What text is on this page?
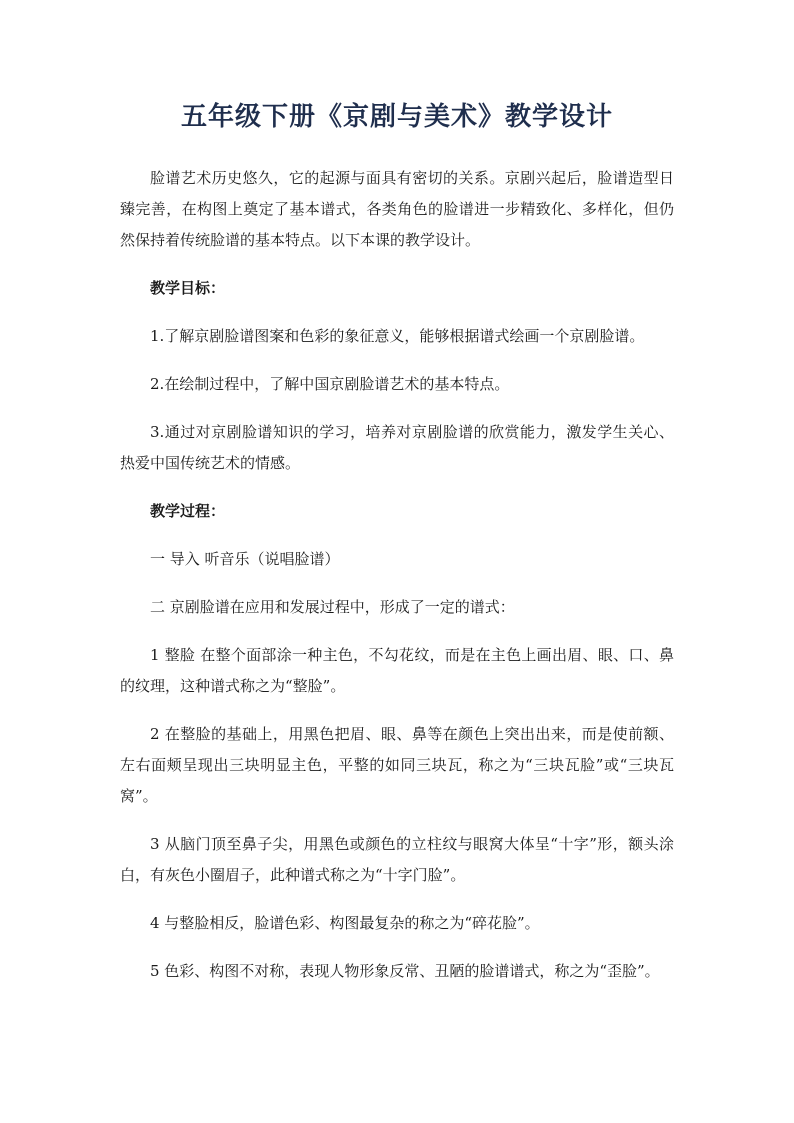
五年级下册《京剧与美术》教学设计

脸谱艺术历史悠久，它的起源与面具有密切的关系。京剧兴起后，脸谱造型日臻完善，在构图上奠定了基本谱式，各类角色的脸谱进一步精致化、多样化，但仍然保持着传统脸谱的基本特点。以下本课的教学设计。

教学目标：

1.了解京剧脸谱图案和色彩的象征意义，能够根据谱式绘画一个京剧脸谱。

2.在绘制过程中，了解中国京剧脸谱艺术的基本特点。

3.通过对京剧脸谱知识的学习，培养对京剧脸谱的欣赏能力，激发学生关心、热爱中国传统艺术的情感。

教学过程：

一 导入 听音乐（说唱脸谱）

二 京剧脸谱在应用和发展过程中，形成了一定的谱式：

1 整脸 在整个面部涂一种主色，不勾花纹，而是在主色上画出眉、眼、口、鼻的纹理，这种谱式称之为“整脸”。

2 在整脸的基础上，用黑色把眉、眼、鼻等在颜色上突出出来，而是使前额、左右面颊呈现出三块明显主色，平整的如同三块瓦，称之为“三块瓦脸”或“三块瓦窝”。

3 从脑门顶至鼻子尖，用黑色或颜色的立柱纹与眼窝大体呈“十字”形，额头涂白，有灰色小圈眉子，此种谱式称之为“十字门脸”。

4 与整脸相反，脸谱色彩、构图最复杂的称之为“碎花脸”。

5 色彩、构图不对称，表现人物形象反常、丑陋的脸谱谱式，称之为“歪脸”。
